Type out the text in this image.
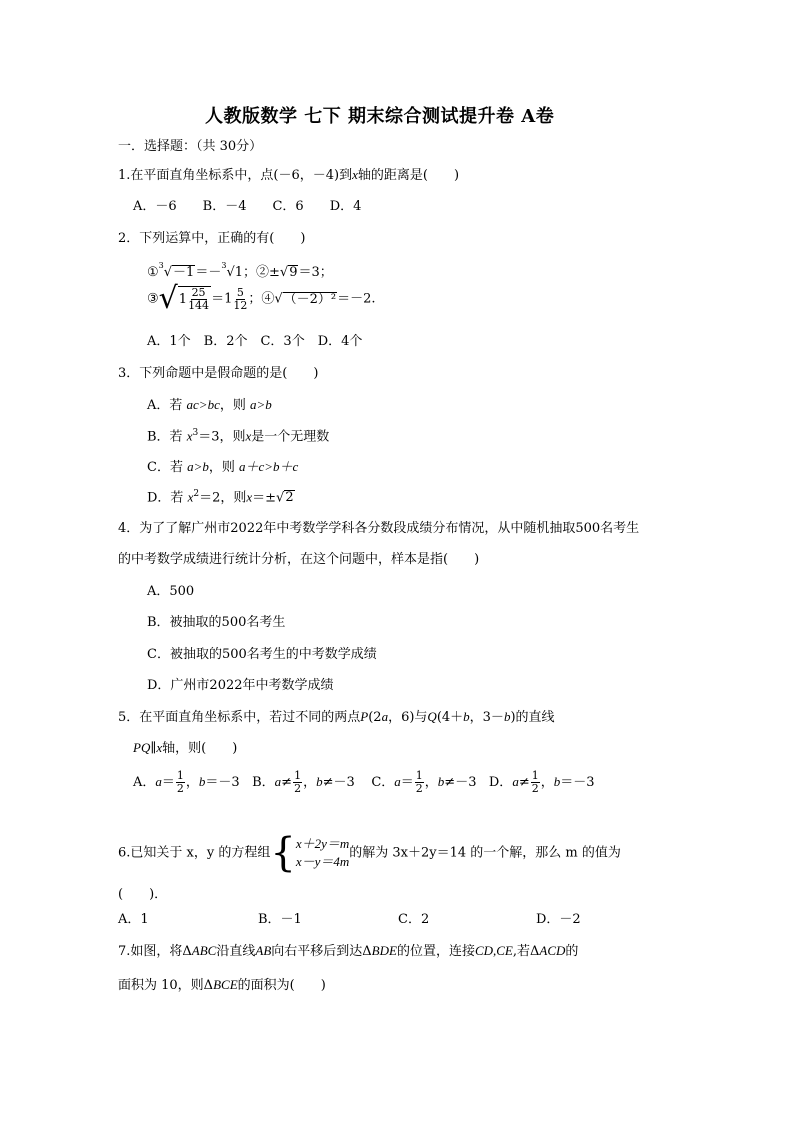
人教版数学 七下 期末综合测试提升卷 A卷
一．选择题：（共 30分）
1.在平面直角坐标系中，点(－6，－4)到x轴的距离是(　　)
A．－6　　B．－4　　C．6　　D．4
2．下列运算中，正确的有(　　)
①$^3$√－1＝－$^3$√1；②±√9＝3；
③√ $1 \frac{25}{144} =1 \frac{5}{12}$ ；④√（－2）²＝－2.
A．1个　B．2个　C．3个　D．4个
3．下列命题中是假命题的是(　　)
A．若 ac>bc，则 a>b
B．若 $x^3=3$，则x是一个无理数
C．若 a>b，则 a＋c>b＋c
D．若 $x^2=2$，则x＝±√2
4．为了了解广州市2022年中考数学学科各分数段成绩分布情况，从中随机抽取500名考生
的中考数学成绩进行统计分析，在这个问题中，样本是指(　　)
A．500
B．被抽取的500名考生
C．被抽取的500名考生的中考数学成绩
D．广州市2022年中考数学成绩
5．在平面直角坐标系中，若过不同的两点P(2a，6)与Q(4＋b，3－b)的直线
PQ∥x轴，则(　　)
A．$a= \frac{1}{2}$ ，b＝－3 B．$a\ne \frac{1}{2}$ ，b≠－3 C．$a= \frac{1}{2}$ ，b≠－3 D．$a\ne \frac{1}{2}$ ，b＝－3
6.已知关于 x，y 的方程组{ x＋2y＝m
x－y＝4m
的解为 3x＋2y＝14 的一个解，那么 m 的值为
(　　)．
A．1	B．－1	C．2	D．－2
7.如图，将ΔABC沿直线AB向右平移后到达ΔBDE的位置，连接CD,CE,若ΔACD的
面积为 10，则ΔBCE的面积为(　　)
